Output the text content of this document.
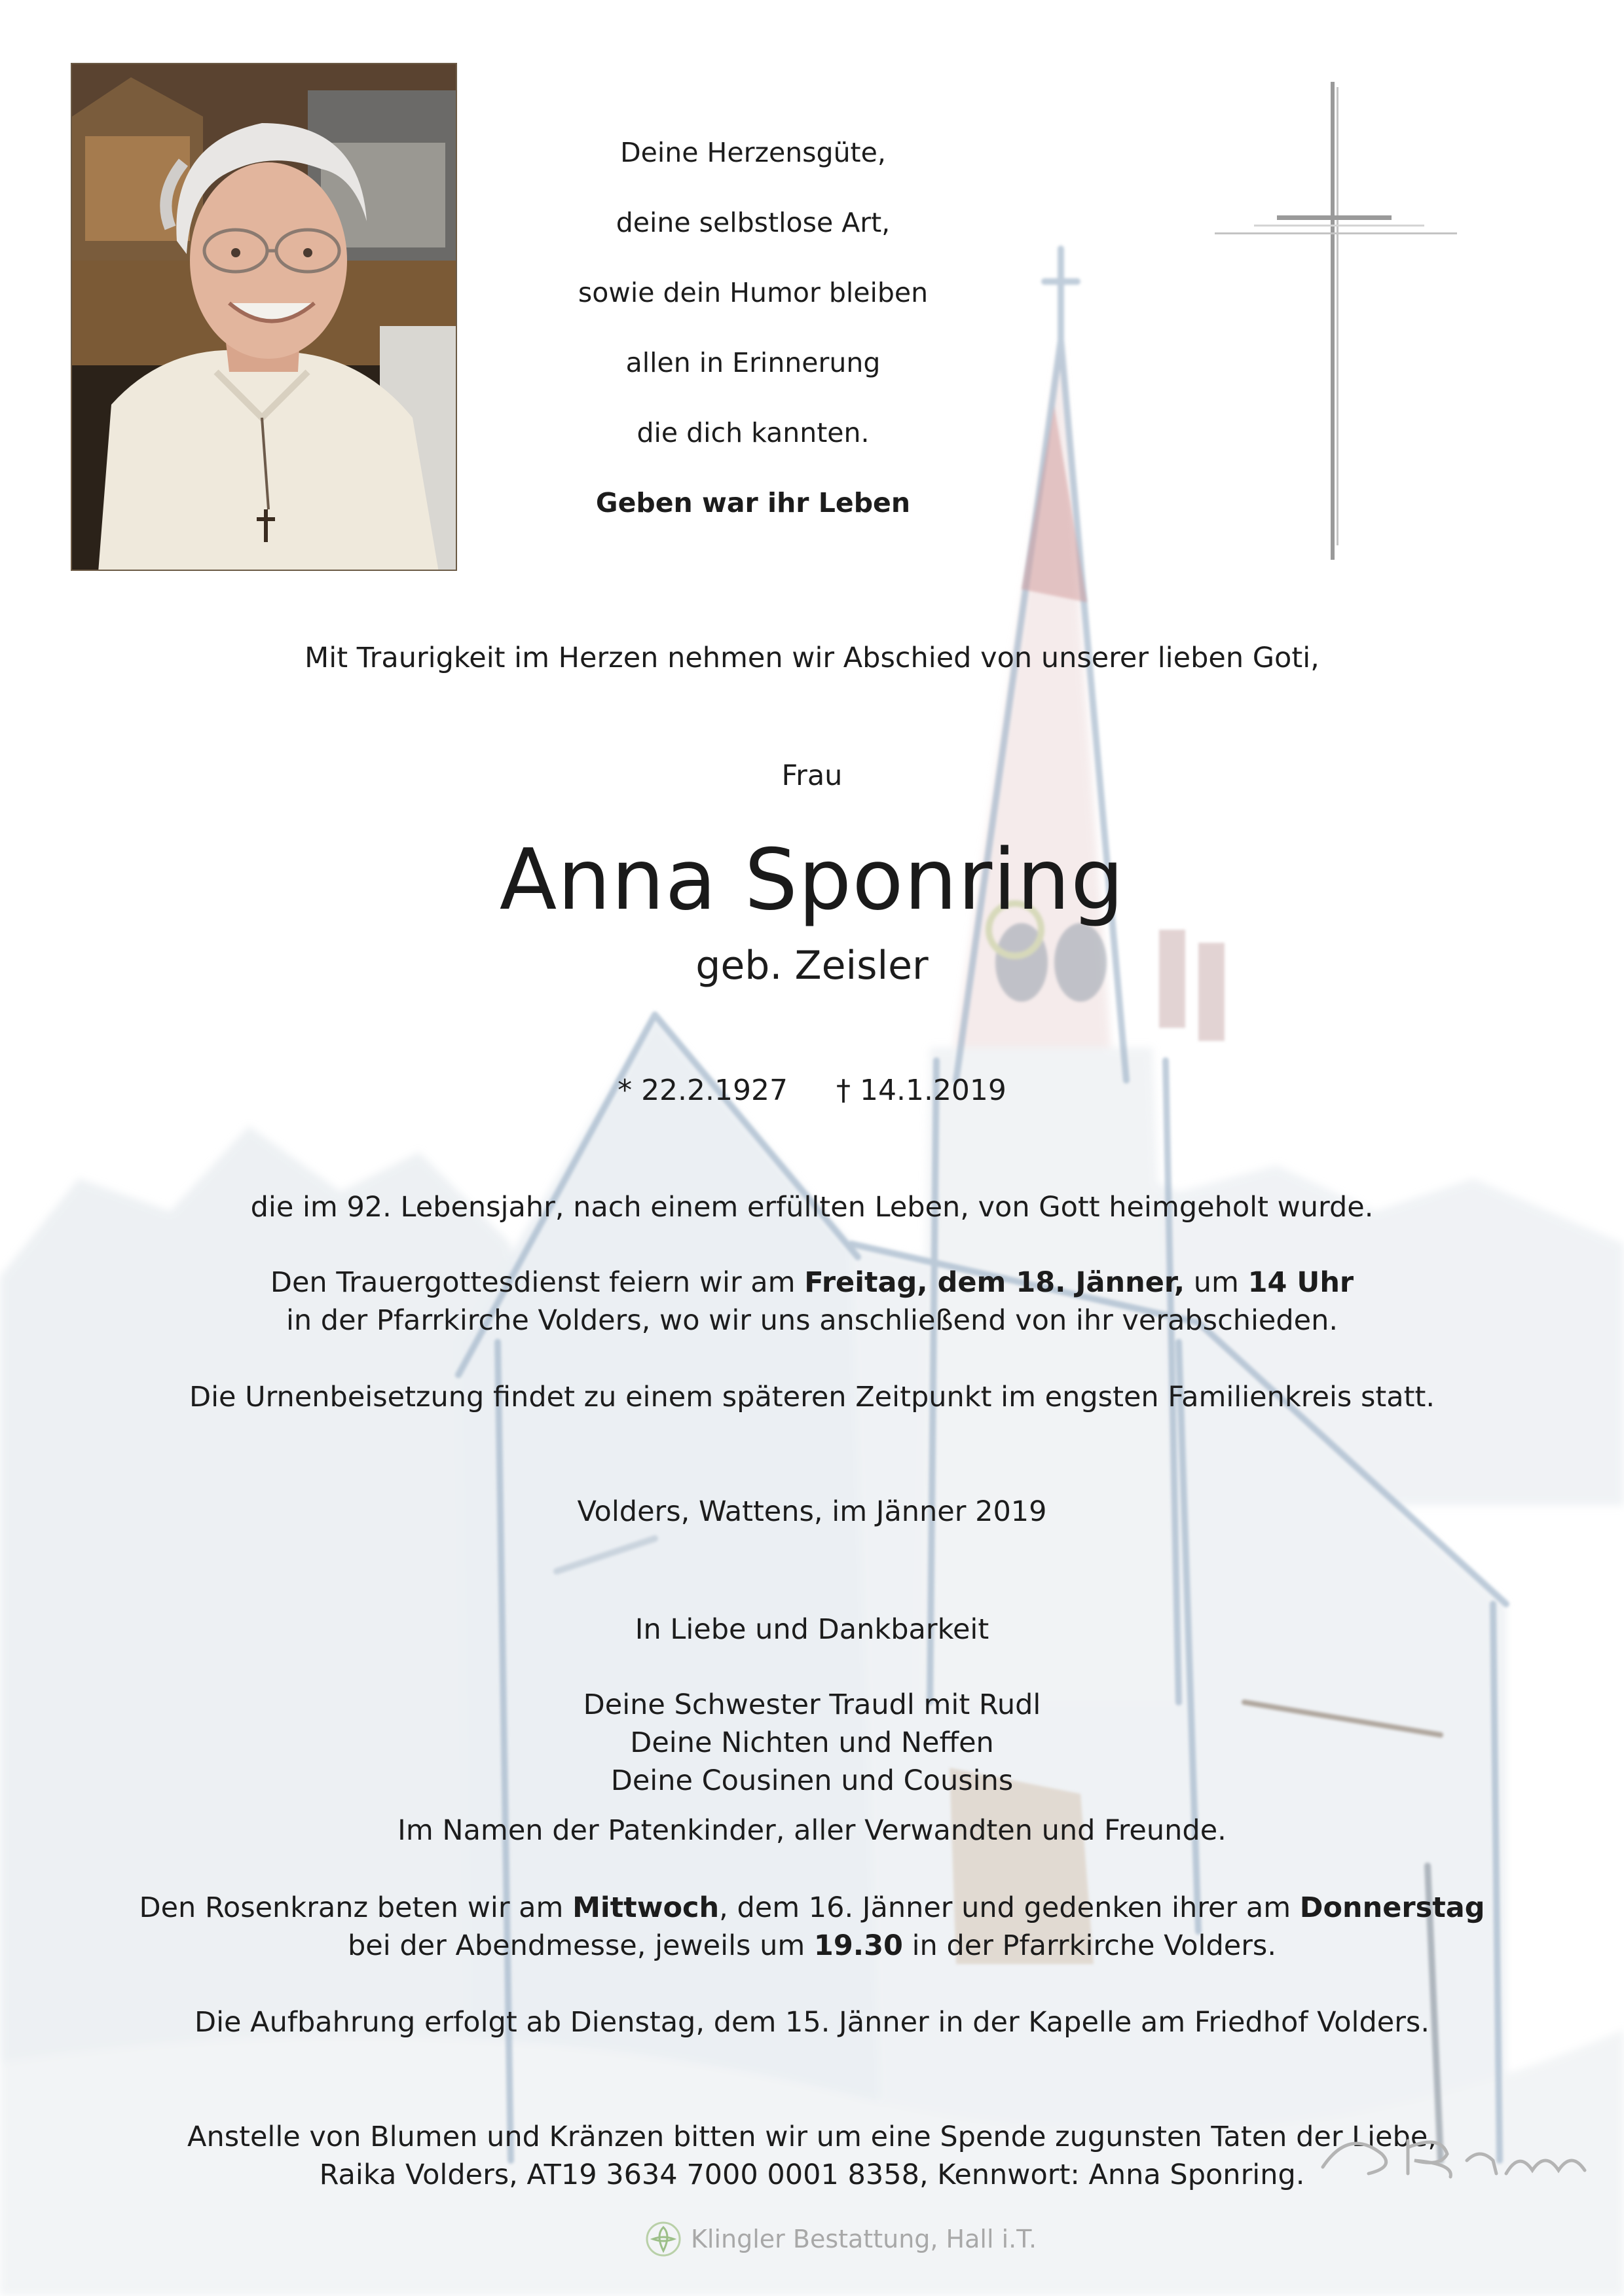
Deine Herzensgüte,
deine selbstlose Art,
sowie dein Humor bleiben
allen in Erinnerung
die dich kannten.
Geben war ihr Leben
Mit Traurigkeit im Herzen nehmen wir Abschied von unserer lieben Goti,
Frau
Anna Sponring
geb. Zeisler
* 22.2.1927 † 14.1.2019
die im 92. Lebensjahr, nach einem erfüllten Leben, von Gott heimgeholt wurde.
Den Trauergottesdienst feiern wir am Freitag, dem 18. Jänner, um 14 Uhr
in der Pfarrkirche Volders, wo wir uns anschließend von ihr verabschieden.
Die Urnenbeisetzung findet zu einem späteren Zeitpunkt im engsten Familienkreis statt.
Volders, Wattens, im Jänner 2019
In Liebe und Dankbarkeit
Deine Schwester Traudl mit Rudl
Deine Nichten und Neffen
Deine Cousinen und Cousins
Im Namen der Patenkinder, aller Verwandten und Freunde.
Den Rosenkranz beten wir am Mittwoch, dem 16. Jänner und gedenken ihrer am Donnerstag
bei der Abendmesse, jeweils um 19.30 in der Pfarrkirche Volders.
Die Aufbahrung erfolgt ab Dienstag, dem 15. Jänner in der Kapelle am Friedhof Volders.
Anstelle von Blumen und Kränzen bitten wir um eine Spende zugunsten Taten der Liebe,
Raika Volders, AT19 3634 7000 0001 8358, Kennwort: Anna Sponring.
Klingler Bestattung, Hall i.T.
